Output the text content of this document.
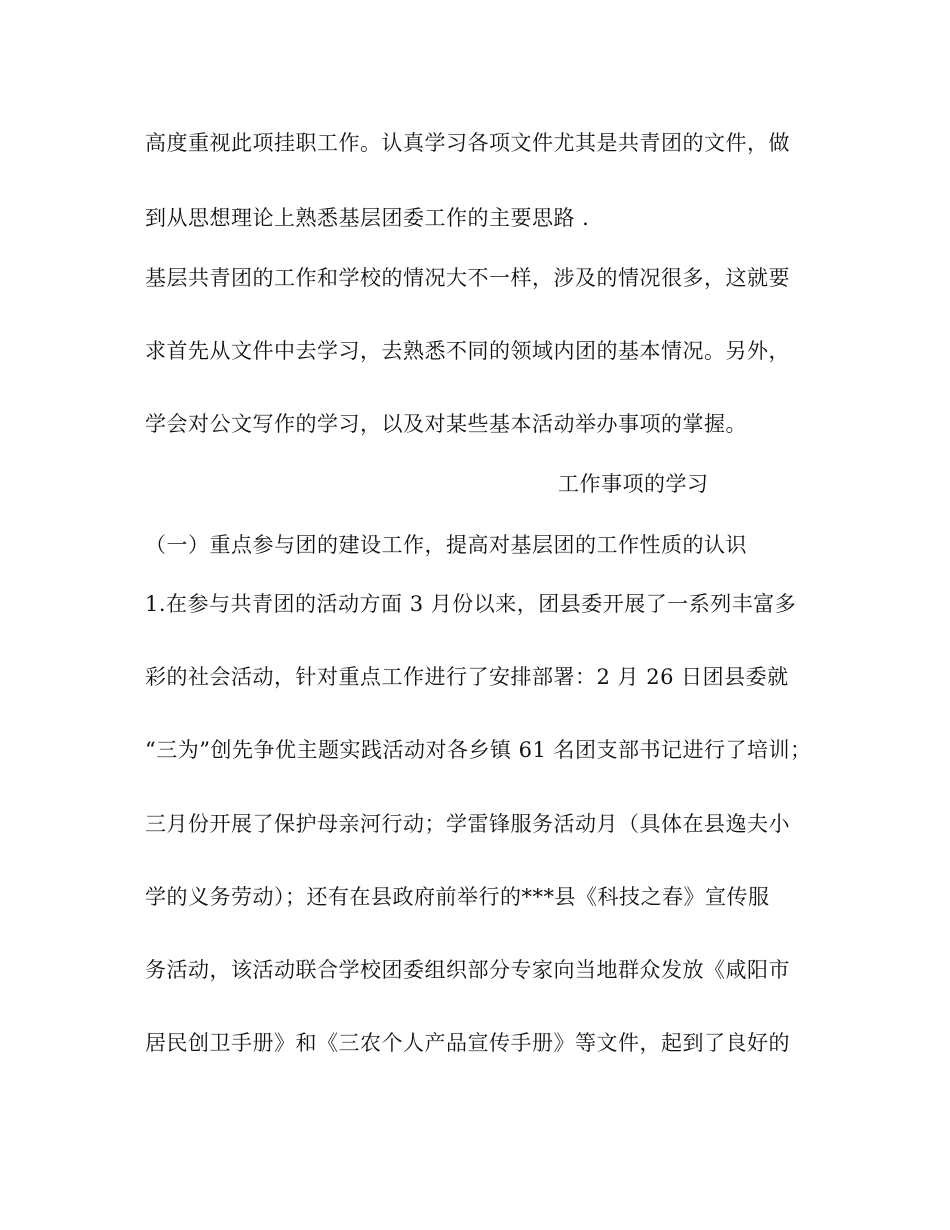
高度重视此项挂职工作。认真学习各项文件尤其是共青团的文件，做
到从思想理论上熟悉基层团委工作的主要思路 .
基层共青团的工作和学校的情况大不一样，涉及的情况很多，这就要
求首先从文件中去学习，去熟悉不同的领域内团的基本情况。另外，
学会对公文写作的学习，以及对某些基本活动举办事项的掌握。
工作事项的学习
（一）重点参与团的建设工作，提高对基层团的工作性质的认识
1.在参与共青团的活动方面 3 月份以来，团县委开展了一系列丰富多
彩的社会活动，针对重点工作进行了安排部署：2 月 26 日团县委就
“三为”创先争优主题实践活动对各乡镇 61 名团支部书记进行了培训；
三月份开展了保护母亲河行动；学雷锋服务活动月（具体在县逸夫小
学的义务劳动）；还有在县政府前举行的***县《科技之春》宣传服
务活动，该活动联合学校团委组织部分专家向当地群众发放《咸阳市
居民创卫手册》和《三农个人产品宣传手册》等文件，起到了良好的
